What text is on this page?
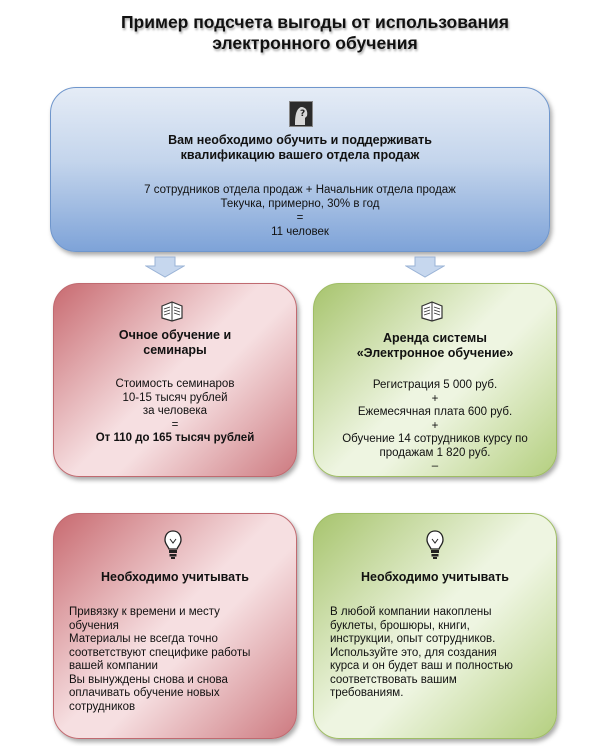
Пример подсчета выгоды от использования
электронного обучения
?
Вам необходимо обучить и поддерживать
квалификацию вашего отдела продаж
7 сотрудников отдела продаж + Начальник отдела продаж
Текучка, примерно, 30% в год
=
11 человек
Очное обучение и
семинары
Стоимость семинаров
10-15 тысяч рублей
за человека
=
От 110 до 165 тысяч рублей
Аренда системы
«Электронное обучение»
Регистрация 5 000 руб.
+
Ежемесячная плата 600 руб.
+
Обучение 14 сотрудников курсу по
продажам 1 820 руб.
–
Необходимо учитывать
Привязку к времени и месту
обучения
Материалы не всегда точно
соответствуют специфике работы
вашей компании
Вы вынуждены снова и снова
оплачивать обучение новых
сотрудников
Необходимо учитывать
В любой компании накоплены
буклеты, брошюры, книги,
инструкции, опыт сотрудников.
Используйте это, для создания
курса и он будет ваш и полностью
соответствовать вашим
требованиям.
